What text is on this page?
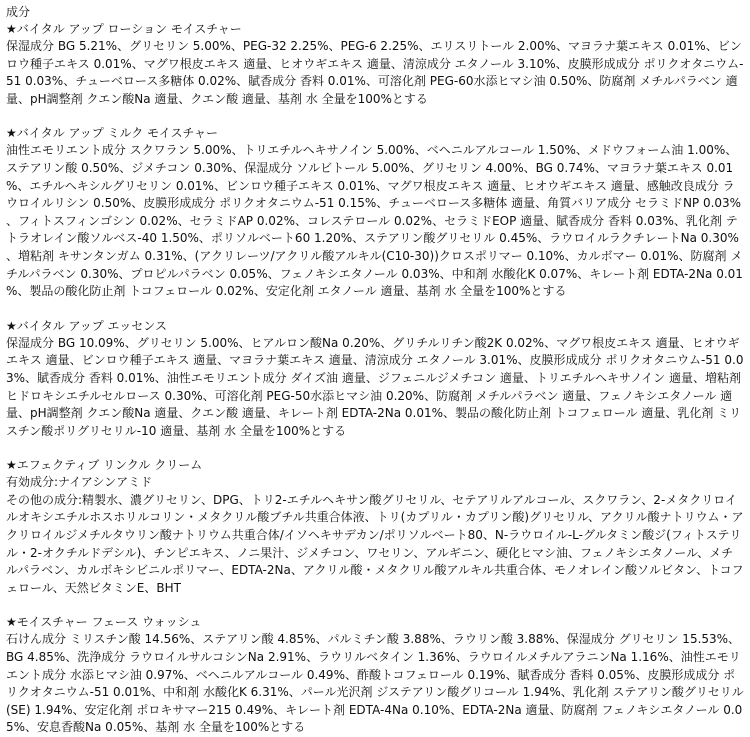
成分
★バイタル アップ ローション モイスチャー
保湿成分 BG 5.21%、グリセリン 5.00%、PEG-32 2.25%、PEG-6 2.25%、エリスリトール 2.00%、マヨラナ葉エキス 0.01%、ビンロウ種子エキス 0.01%、マグワ根皮エキス 適量、ヒオウギエキス 適量、清涼成分 エタノール 3.10%、皮膜形成成分 ポリクオタニウム-51 0.03%、チューベロース多糖体 0.02%、賦香成分 香料 0.01%、可溶化剤 PEG-60水添ヒマシ油 0.50%、防腐剤 メチルパラベン 適量、pH調整剤 クエン酸Na 適量、クエン酸 適量、基剤 水 全量を100%とする
★バイタル アップ ミルク モイスチャー
油性エモリエント成分 スクワラン 5.00%、トリエチルヘキサノイン 5.00%、ベヘニルアルコール 1.50%、メドウフォーム油 1.00%、ステアリン酸 0.50%、ジメチコン 0.30%、保湿成分 ソルビトール 5.00%、グリセリン 4.00%、BG 0.74%、マヨラナ葉エキス 0.01%、エチルヘキシルグリセリン 0.01%、ビンロウ種子エキス 0.01%、マグワ根皮エキス 適量、ヒオウギエキス 適量、感触改良成分 ラウロイルリシン 0.50%、皮膜形成成分 ポリクオタニウム-51 0.15%、チューベロース多糖体 適量、角質バリア成分 セラミドNP 0.03%、フィトスフィンゴシン 0.02%、セラミドAP 0.02%、コレステロール 0.02%、セラミドEOP 適量、賦香成分 香料 0.03%、乳化剤 テトラオレイン酸ソルベス-40 1.50%、ポリソルベート60 1.20%、ステアリン酸グリセリル 0.45%、ラウロイルラクチレートNa 0.30%、増粘剤 キサンタンガム 0.31%、(アクリレーツ/アクリル酸アルキル(C10-30))クロスポリマー 0.10%、カルボマー 0.01%、防腐剤 メチルパラベン 0.30%、プロピルパラベン 0.05%、フェノキシエタノール 0.03%、中和剤 水酸化K 0.07%、キレート剤 EDTA-2Na 0.01%、製品の酸化防止剤 トコフェロール 0.02%、安定化剤 エタノール 適量、基剤 水 全量を100%とする
★バイタル アップ エッセンス
保湿成分 BG 10.09%、グリセリン 5.00%、ヒアルロン酸Na 0.20%、グリチルリチン酸2K 0.02%、マグワ根皮エキス 適量、ヒオウギエキス 適量、ビンロウ種子エキス 適量、マヨラナ葉エキス 適量、清涼成分 エタノール 3.01%、皮膜形成成分 ポリクオタニウム-51 0.03%、賦香成分 香料 0.01%、油性エモリエント成分 ダイズ油 適量、ジフェニルジメチコン 適量、トリエチルヘキサノイン 適量、増粘剤 ヒドロキシエチルセルロース 0.30%、可溶化剤 PEG-50水添ヒマシ油 0.20%、防腐剤 メチルパラベン 適量、フェノキシエタノール 適量、pH調整剤 クエン酸Na 適量、クエン酸 適量、キレート剤 EDTA-2Na 0.01%、製品の酸化防止剤 トコフェロール 適量、乳化剤 ミリスチン酸ポリグリセリル-10 適量、基剤 水 全量を100%とする
★エフェクティブ リンクル クリーム
有効成分:ナイアシンアミド
その他の成分:精製水、濃グリセリン、DPG、トリ2-エチルヘキサン酸グリセリル、セテアリルアルコール、スクワラン、2-メタクリロイルオキシエチルホスホリルコリン・メタクリル酸ブチル共重合体液、トリ(カプリル・カプリン酸)グリセリル、アクリル酸ナトリウム・アクリロイルジメチルタウリン酸ナトリウム共重合体/イソヘキサデカン/ポリソルベート80、N-ラウロイル-L-グルタミン酸ジ(フィトステリル・2-オクチルドデシル)、チンピエキス、ノニ果汁、ジメチコン、ワセリン、アルギニン、硬化ヒマシ油、フェノキシエタノール、メチルパラベン、カルボキシビニルポリマー、EDTA-2Na、アクリル酸・メタクリル酸アルキル共重合体、モノオレイン酸ソルビタン、トコフェロール、天然ビタミンE、BHT
★モイスチャー フェース ウォッシュ
石けん成分 ミリスチン酸 14.56%、ステアリン酸 4.85%、パルミチン酸 3.88%、ラウリン酸 3.88%、保湿成分 グリセリン 15.53%、BG 4.85%、洗浄成分 ラウロイルサルコシンNa 2.91%、ラウリルベタイン 1.36%、ラウロイルメチルアラニンNa 1.16%、油性エモリエント成分 水添ヒマシ油 0.97%、ベヘニルアルコール 0.49%、酢酸トコフェロール 0.19%、賦香成分 香料 0.05%、皮膜形成成分 ポリクオタニウム-51 0.01%、中和剤 水酸化K 6.31%、パール光沢剤 ジステアリン酸グリコール 1.94%、乳化剤 ステアリン酸グリセリル(SE) 1.94%、安定化剤 ポロキサマー215 0.49%、キレート剤 EDTA-4Na 0.10%、EDTA-2Na 適量、防腐剤 フェノキシエタノール 0.05%、安息香酸Na 0.05%、基剤 水 全量を100%とする
